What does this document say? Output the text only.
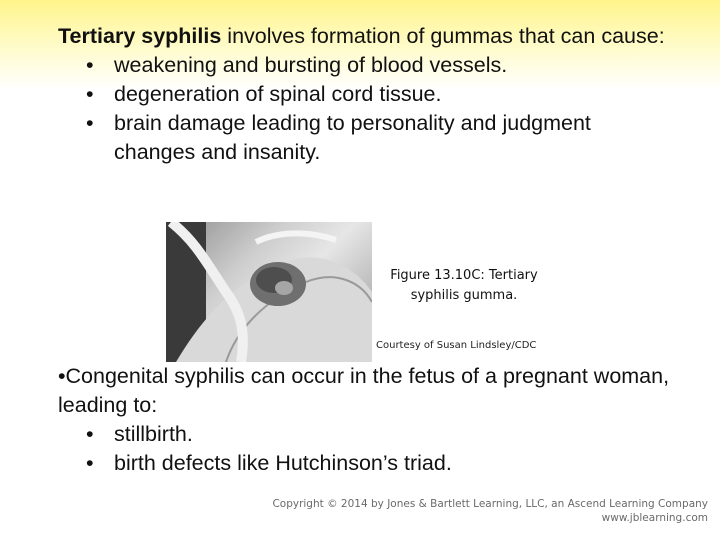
Tertiary syphilis involves formation of gummas that can cause:
• weakening and bursting of blood vessels.
• degeneration of spinal cord tissue.
• brain damage leading to personality and judgment changes and insanity.
Figure 13.10C: Tertiary syphilis gumma.
Courtesy of Susan Lindsley/CDC
•Congenital syphilis can occur in the fetus of a pregnant woman, leading to:
• stillbirth.
• birth defects like Hutchinson’s triad.
Copyright © 2014 by Jones & Bartlett Learning, LLC, an Ascend Learning Company
www.jblearning.com
